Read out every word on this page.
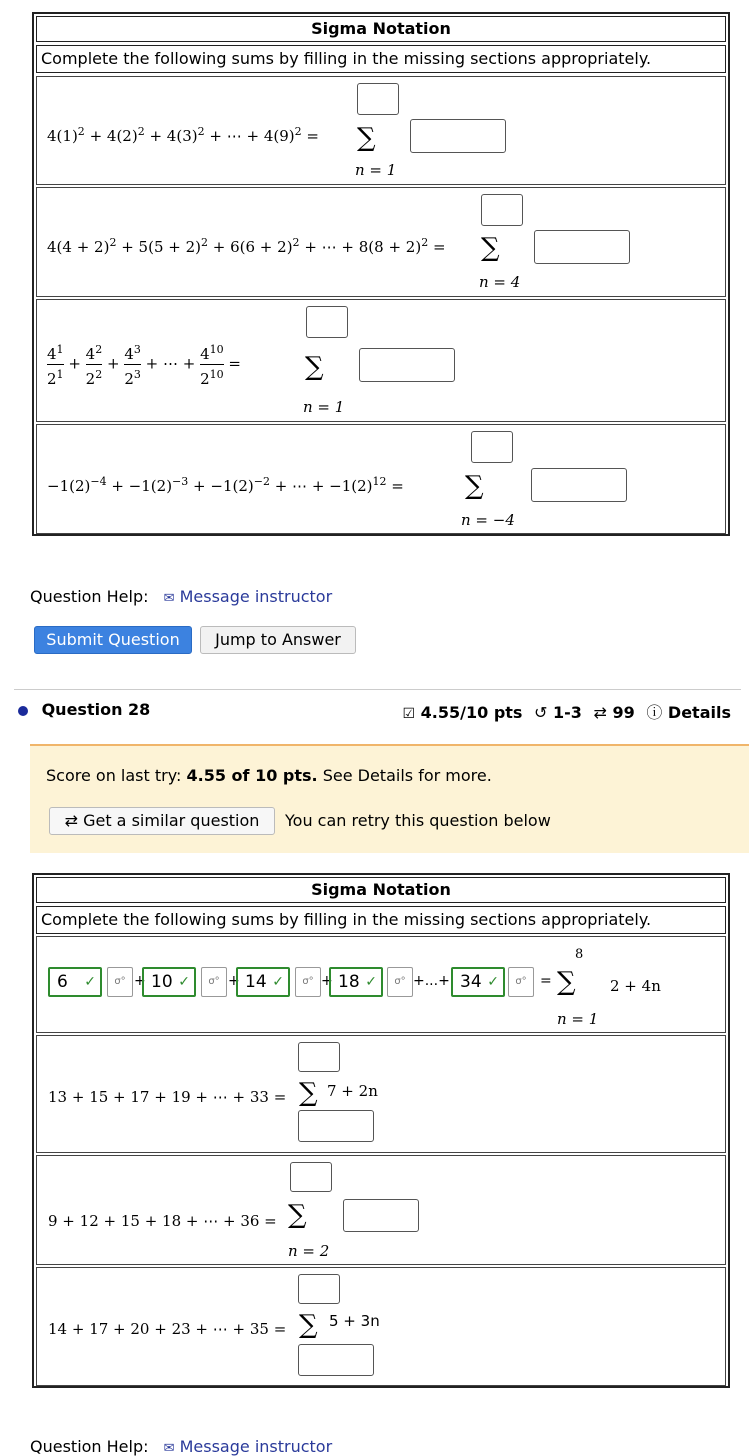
Sigma Notation
Complete the following sums by filling in the missing sections appropriately.
$4(1)^2 + 4(2)^2 + 4(3)^2$ + ⋯ + $4(9)^2$ = ∑
n = 1
$4(4 + 2)^2 + 5(5 + 2)^2 + 6(6 + 2)^2$ + ⋯ + $8(8 + 2)^2$ = ∑
n = 4
$\frac{4^1}{2^1} + \frac{4^2}{2^2} + \frac{4^3}{2^3}$ + ⋯ + $\frac{4^{10}}{2^{10}}$ = ∑
n = 1
$-1(2)^{-4} + -1(2)^{-3} + -1(2)^{-2}$ + ⋯ + $-1(2)^{12}$ = ∑
n = −4
Question Help: ✉ Message instructor
Submit Question	Jump to Answer
Question 28	☑ 4.55/10 pts ↺ 1-3 ⇄ 99 ⓘ Details
Score on last try: 4.55 of 10 pts. See Details for more.
⇄ Get a similar question	You can retry this question below
Sigma Notation
Complete the following sums by filling in the missing sections appropriately.
6 ✓	σ° + 10 ✓	σ° + 14 ✓	σ° + 18 ✓	σ° +...+ 34 ✓	σ° =
8
∑
n = 1
2 + 4n
13 + 15 + 17 + 19 + ⋯ + 33 = ∑ 7 + 2n
9 + 12 + 15 + 18 + ⋯ + 36 = ∑
n = 2
14 + 17 + 20 + 23 + ⋯ + 35 = ∑ 5 + 3n
Question Help: ✉ Message instructor
